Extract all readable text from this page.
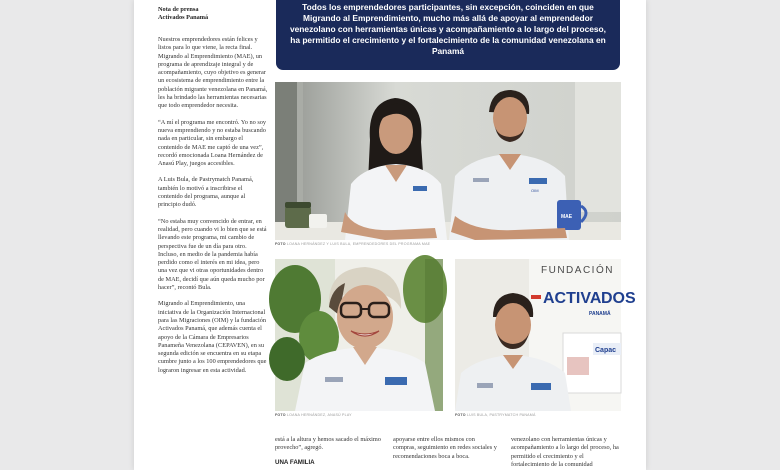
Nota de prensa
Activados Panamá

Nuestros emprendedores están felices y listos para lo que viene, la recta final. Migrando al Emprendimiento (MAE), un programa de aprendizaje integral y de acompañamiento, cuyo objetivo es generar un ecosistema de emprendimiento entre la población migrante venezolana en Panamá, les ha brindado las herramientas necesarias que todo emprendedor necesita.

“A mí el programa me encontró. Yo no soy nueva emprendiendo y no estaba buscando nada en particular, sin embargo el contenido de MAE me captó de una vez”, recordó emocionada Loana Hernández de Anasú Play, juegos accesibles.

A Luis Bula, de Pastrymatch Panamá, también lo motivó a inscribirse el contenido del programa, aunque al principio dudó.

“No estaba muy convencido de entrar, en realidad, pero cuando vi lo bien que se está llevando este programa, mi cambio de perspectiva fue de un día para otro. Incluso, en medio de la pandemia había perdido como el interés en mi idea, pero una vez que vi otras oportunidades dentro de MAE, decidí que aún queda mucho por hacer”, recontó Bula.

Migrando al Emprendimiento, una iniciativa de la Organización Internacional para las Migraciones (OIM) y la fundación Activados Panamá, que además cuenta el apoyo de la Cámara de Empresarios Panameña Venezolana (CEPAVEN), en su segunda edición se encuentra en su etapa cumbre junto a los 100 emprendedores que lograron ingresar en esta actividad.

Todos los emprendedores participantes, sin excepción, coinciden en que Migrando al Emprendimiento, mucho más allá de apoyar al emprendedor venezolano con herramientas únicas y acompañamiento a lo largo del proceso, ha permitido el crecimiento y el fortalecimiento de la comunidad venezolana en Panamá
OIM
MAE
FOTO LOANA HERNÁNDEZ Y LUIS BULA, EMPRENDEDORES DEL PROGRAMA MAE
FOTO LOANA HERNÁNDEZ, ANASÚ PLAY
FUNDACIÓN
ACTIVA DOS
PANAMÁ
Capac
FOTO LUIS BULA, PASTRYMATCH PANAMÁ

está a la altura y hemos sacado el máximo provecho”, agregó.

UNA FAMILIA

apoyarse entre ellos mismos con compras, seguimiento en redes sociales y recomendaciones boca a boca.

venezolano con herramientas únicas y acompañamiento a lo largo del proceso, ha permitido el crecimiento y el fortalecimiento de la comunidad
